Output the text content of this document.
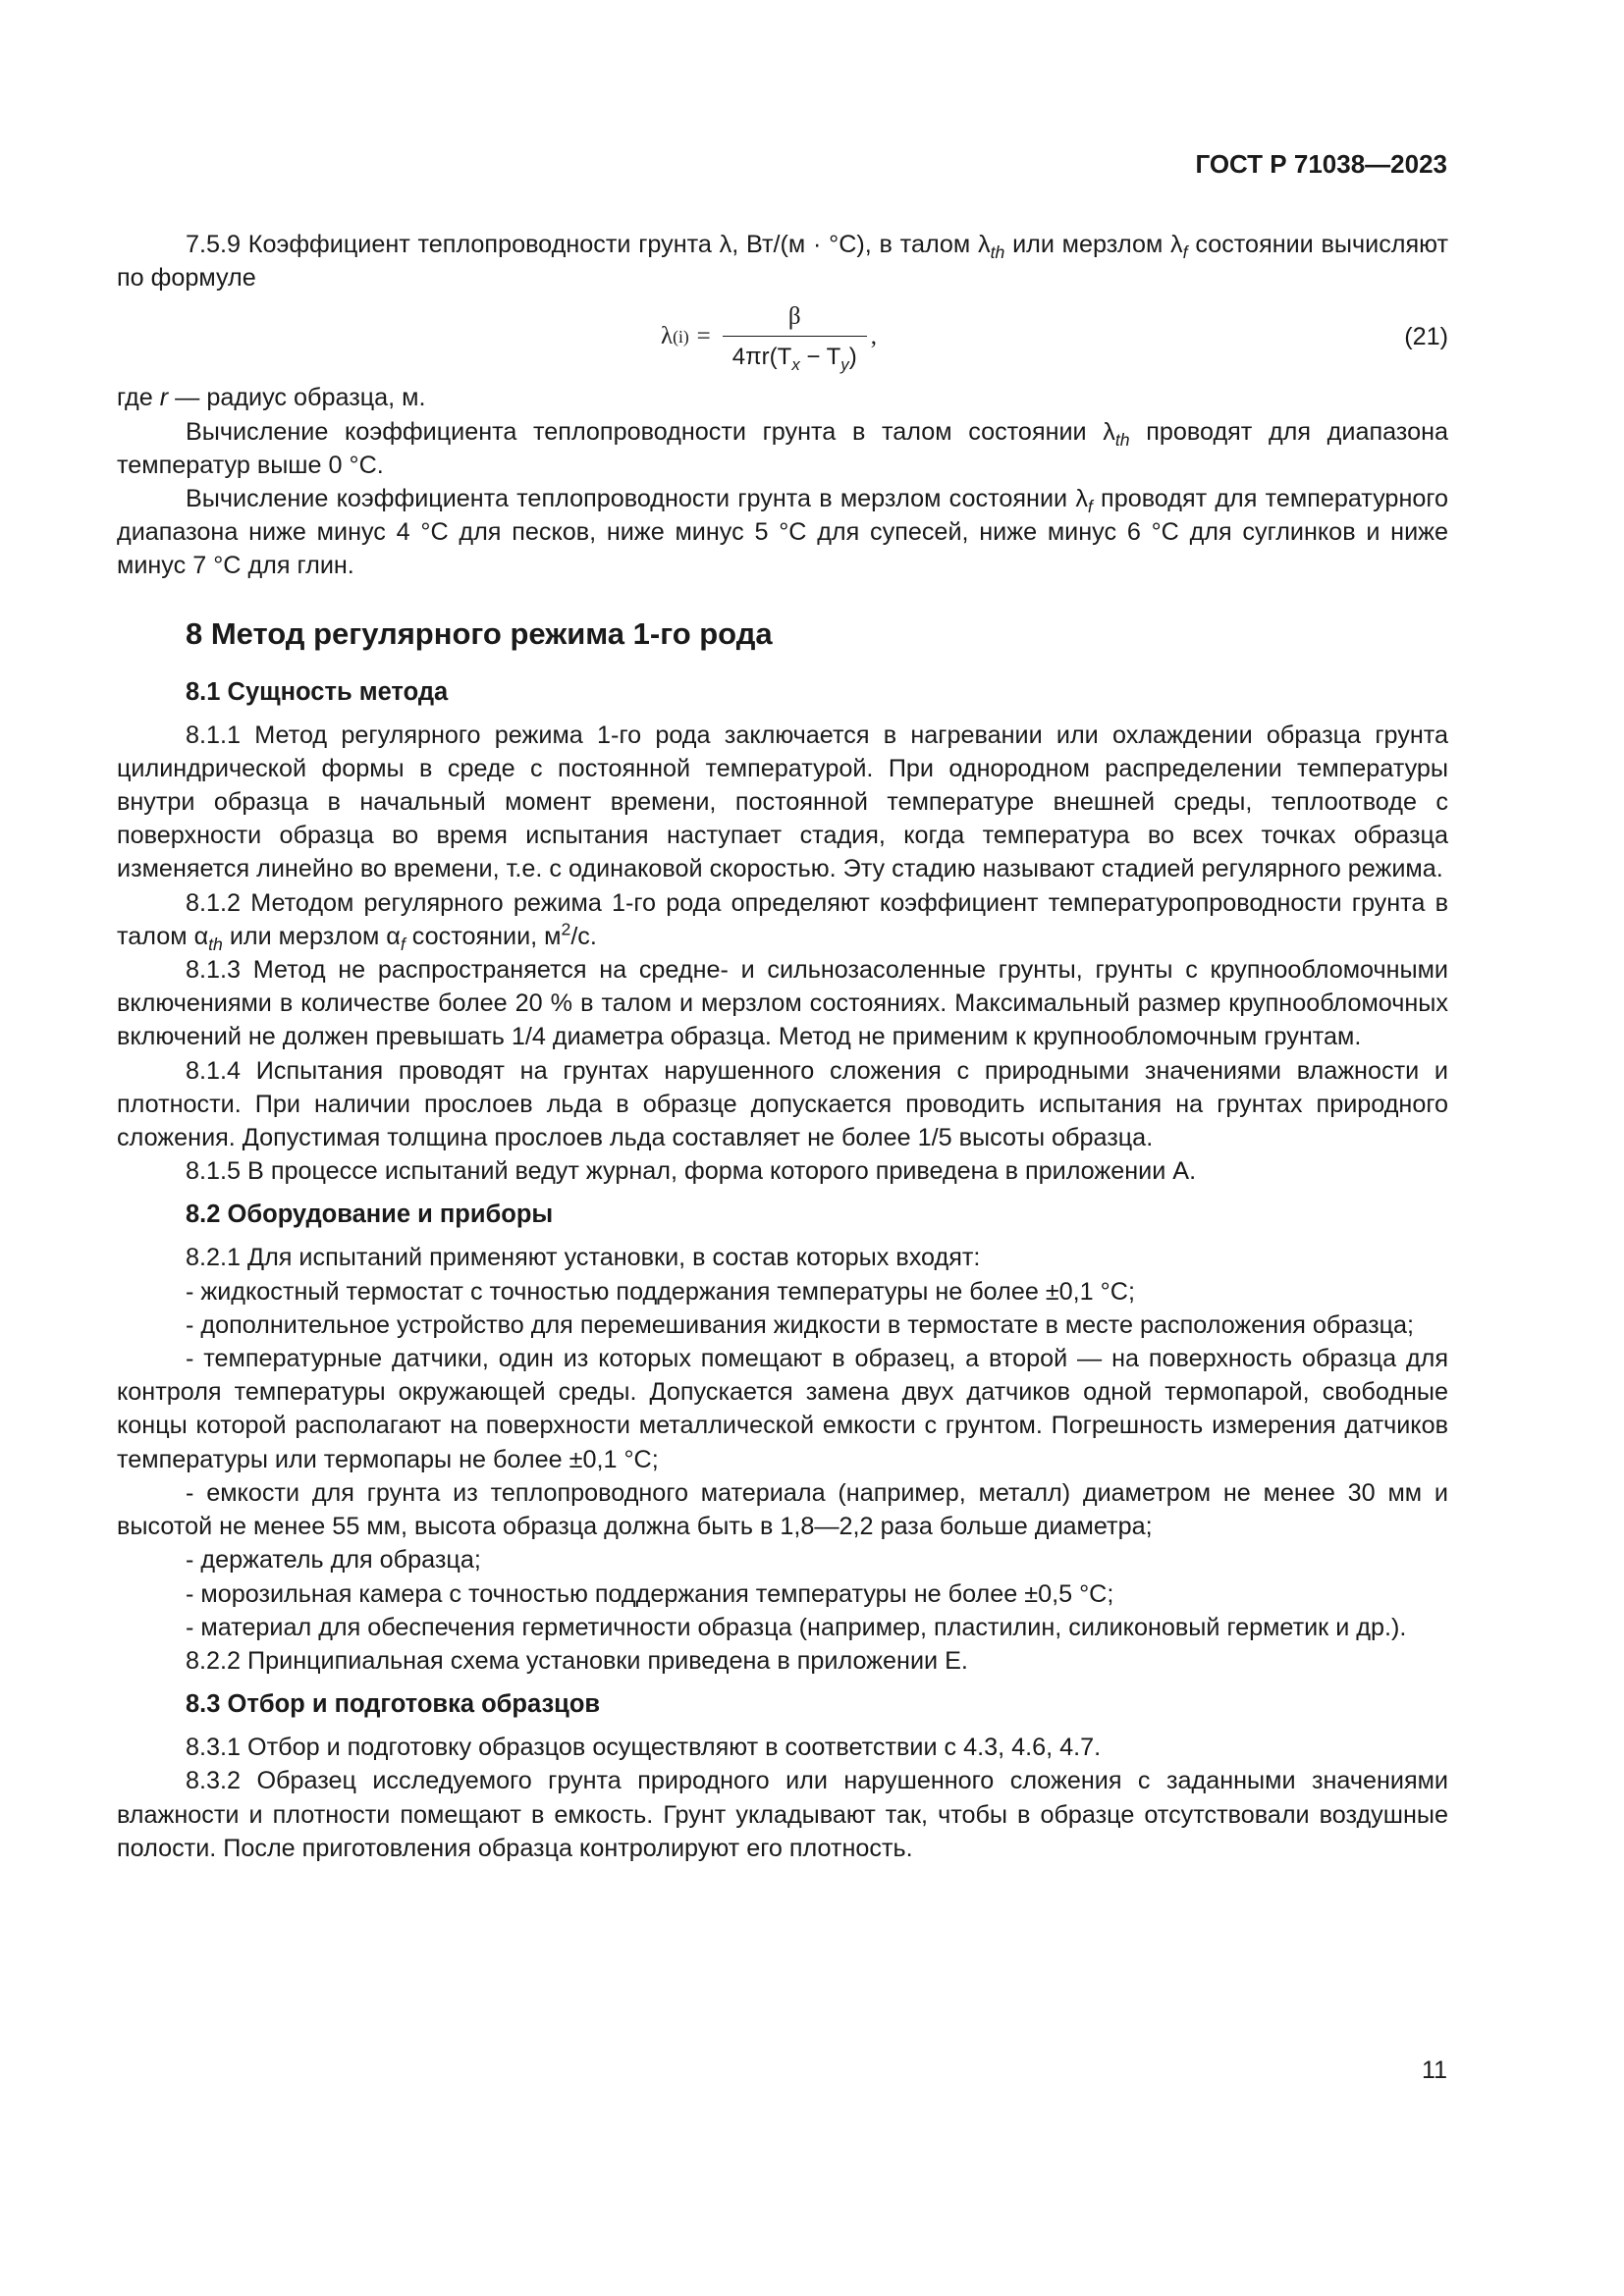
ГОСТ Р 71038—2023

7.5.9 Коэффициент теплопроводности грунта λ, Вт/(м · °С), в талом $\lambda_{th}$ или мерзлом $\lambda_f$ состоянии вычисляют по формуле

λ $(i) = \frac{\beta}{4\pi r(T_x - T_y)}$ ,	(21)

где r — радиус образца, м.

Вычисление коэффициента теплопроводности грунта в талом состоянии $\lambda_{th}$ проводят для диапазона температур выше 0 °С.

Вычисление коэффициента теплопроводности грунта в мерзлом состоянии $\lambda_f$ проводят для температурного диапазона ниже минус 4 °С для песков, ниже минус 5 °С для супесей, ниже минус 6 °С для суглинков и ниже минус 7 °С для глин.

8 Метод регулярного режима 1-го рода
8.1 Сущность метода

8.1.1 Метод регулярного режима 1-го рода заключается в нагревании или охлаждении образца грунта цилиндрической формы в среде с постоянной температурой. При однородном распределении температуры внутри образца в начальный момент времени, постоянной температуре внешней среды, теплоотводе с поверхности образца во время испытания наступает стадия, когда температура во всех точках образца изменяется линейно во времени, т.е. с одинаковой скоростью. Эту стадию называют стадией регулярного режима.

8.1.2 Методом регулярного режима 1-го рода определяют коэффициент температуропроводности грунта в талом $\alpha_{th}$ или мерзлом $\alpha_f$ состоянии, $м^2/с$.

8.1.3 Метод не распространяется на средне- и сильнозасоленные грунты, грунты с крупнообломочными включениями в количестве более 20 % в талом и мерзлом состояниях. Максимальный размер крупнообломочных включений не должен превышать 1/4 диаметра образца. Метод не применим к крупнообломочным грунтам.

8.1.4 Испытания проводят на грунтах нарушенного сложения с природными значениями влажности и плотности. При наличии прослоев льда в образце допускается проводить испытания на грунтах природного сложения. Допустимая толщина прослоев льда составляет не более 1/5 высоты образца.

8.1.5 В процессе испытаний ведут журнал, форма которого приведена в приложении А.

8.2 Оборудование и приборы

8.2.1 Для испытаний применяют установки, в состав которых входят:

- жидкостный термостат с точностью поддержания температуры не более ±0,1 °С;

- дополнительное устройство для перемешивания жидкости в термостате в месте расположения образца;

- температурные датчики, один из которых помещают в образец, а второй — на поверхность образца для контроля температуры окружающей среды. Допускается замена двух датчиков одной термопарой, свободные концы которой располагают на поверхности металлической емкости с грунтом. Погрешность измерения датчиков температуры или термопары не более ±0,1 °С;

- емкости для грунта из теплопроводного материала (например, металл) диаметром не менее 30 мм и высотой не менее 55 мм, высота образца должна быть в 1,8—2,2 раза больше диаметра;

- держатель для образца;

- морозильная камера с точностью поддержания температуры не более ±0,5 °С;

- материал для обеспечения герметичности образца (например, пластилин, силиконовый герметик и др.).

8.2.2 Принципиальная схема установки приведена в приложении Е.

8.3 Отбор и подготовка образцов

8.3.1 Отбор и подготовку образцов осуществляют в соответствии с 4.3, 4.6, 4.7.

8.3.2 Образец исследуемого грунта природного или нарушенного сложения с заданными значениями влажности и плотности помещают в емкость. Грунт укладывают так, чтобы в образце отсутствовали воздушные полости. После приготовления образца контролируют его плотность.

11
